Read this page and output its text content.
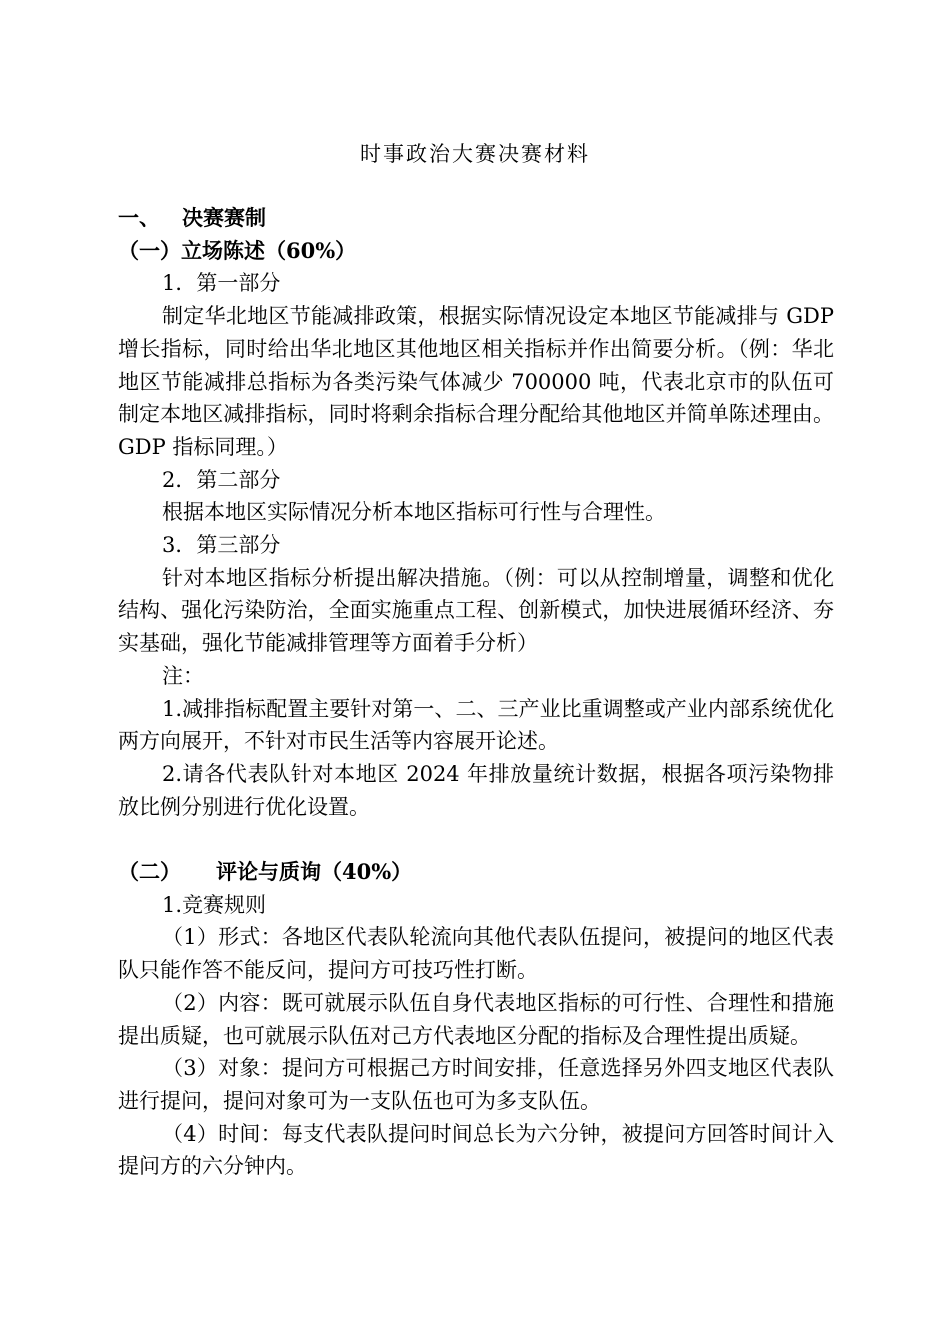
时事政治大赛决赛材料

一、 决赛赛制

（一）立场陈述（60%）

1．第一部分

制定华北地区节能减排政策，根据实际情况设定本地区节能减排与 GDP 增长指标，同时给出华北地区其他地区相关指标并作出简要分析。（例：华北地区节能减排总指标为各类污染气体减少 700000 吨，代表北京市的队伍可制定本地区减排指标，同时将剩余指标合理分配给其他地区并简单陈述理由。GDP 指标同理。）

2．第二部分

根据本地区实际情况分析本地区指标可行性与合理性。

3．第三部分

针对本地区指标分析提出解决措施。（例：可以从控制增量，调整和优化结构、强化污染防治，全面实施重点工程、创新模式，加快进展循环经济、夯实基础，强化节能减排管理等方面着手分析）

注：

1.减排指标配置主要针对第一、二、三产业比重调整或产业内部系统优化两方向展开，不针对市民生活等内容展开论述。

2.请各代表队针对本地区 2024 年排放量统计数据，根据各项污染物排放比例分别进行优化设置。

（二） 评论与质询（40%）

1.竞赛规则

（1）形式：各地区代表队轮流向其他代表队伍提问，被提问的地区代表队只能作答不能反问，提问方可技巧性打断。

（2）内容：既可就展示队伍自身代表地区指标的可行性、合理性和措施提出质疑，也可就展示队伍对己方代表地区分配的指标及合理性提出质疑。

（3）对象：提问方可根据己方时间安排，任意选择另外四支地区代表队进行提问，提问对象可为一支队伍也可为多支队伍。

（4）时间：每支代表队提问时间总长为六分钟，被提问方回答时间计入提问方的六分钟内。
